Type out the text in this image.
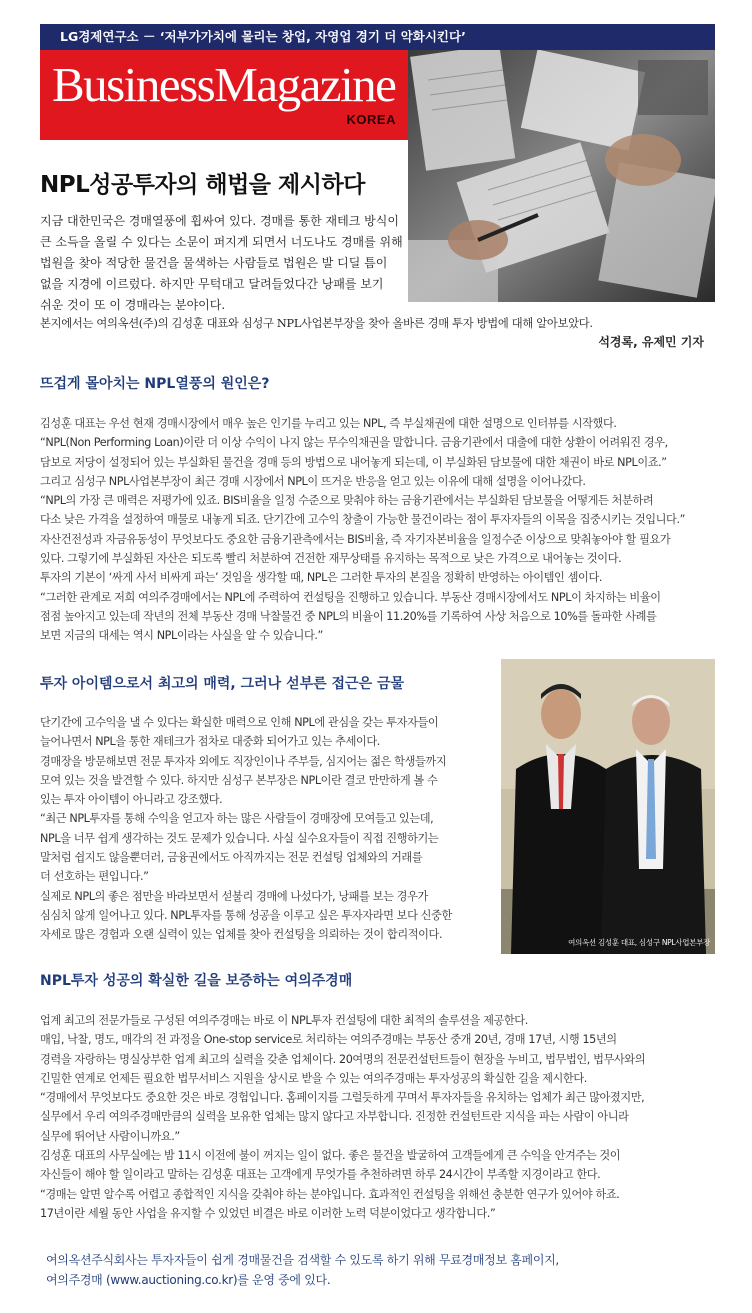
LG경제연구소 － ‘저부가가치에 몰리는 창업, 자영업 경기 더 악화시킨다’
BusinessMagazine
KOREA
NPL성공투자의 해법을 제시하다
지금 대한민국은 경매열풍에 휩싸여 있다. 경매를 통한 재테크 방식이
큰 소득을 올릴 수 있다는 소문이 퍼지게 되면서 너도나도 경매를 위해
법원을 찾아 적당한 물건을 물색하는 사람들로 법원은 발 디딜 틈이
없을 지경에 이르렀다. 하지만 무턱대고 달려들었다간 낭패를 보기
쉬운 것이 또 이 경매라는 분야이다.
본지에서는 여의옥션(주)의 김성훈 대표와 심성구 NPL사업본부장을 찾아 올바른 경매 투자 방법에 대해 알아보았다.
석경록, 유제민 기자
뜨겁게 몰아치는 NPL열풍의 원인은?

김성훈 대표는 우선 현재 경매시장에서 매우 높은 인기를 누리고 있는 NPL, 즉 부실채권에 대한 설명으로 인터뷰를 시작했다.

“NPL(Non Performing Loan)이란 더 이상 수익이 나지 않는 무수익채권을 말합니다. 금융기관에서 대출에 대한 상환이 어려워진 경우,

담보로 저당이 설정되어 있는 부실화된 물건을 경매 등의 방법으로 내어놓게 되는데, 이 부실화된 담보물에 대한 채권이 바로 NPL이죠.”

그리고 심성구 NPL사업본부장이 최근 경매 시장에서 NPL이 뜨거운 반응을 얻고 있는 이유에 대해 설명을 이어나갔다.

“NPL의 가장 큰 매력은 저평가에 있죠. BIS비율을 일정 수준으로 맞춰야 하는 금융기관에서는 부실화된 담보물을 어떻게든 처분하려

다소 낮은 가격을 설정하여 매물로 내놓게 되죠. 단기간에 고수익 창출이 가능한 물건이라는 점이 투자자들의 이목을 집중시키는 것입니다.”

자산건전성과 자금유동성이 무엇보다도 중요한 금융기관측에서는 BIS비율, 즉 자기자본비율을 일정수준 이상으로 맞춰놓아야 할 필요가

있다. 그렇기에 부실화된 자산은 되도록 빨리 처분하여 건전한 재무상태를 유지하는 목적으로 낮은 가격으로 내어놓는 것이다.

투자의 기본이 ‘싸게 사서 비싸게 파는’ 것임을 생각할 때, NPL은 그러한 투자의 본질을 정확히 반영하는 아이템인 셈이다.

“그러한 관계로 저희 여의주경매에서는 NPL에 주력하여 컨설팅을 진행하고 있습니다. 부동산 경매시장에서도 NPL이 차지하는 비율이

점점 높아지고 있는데 작년의 전체 부동산 경매 낙찰물건 중 NPL의 비율이 11.20%를 기록하여 사상 처음으로 10%를 돌파한 사례를

보면 지금의 대세는 역시 NPL이라는 사실을 알 수 있습니다.”

투자 아이템으로서 최고의 매력, 그러나 섣부른 접근은 금물

단기간에 고수익을 낼 수 있다는 확실한 매력으로 인해 NPL에 관심을 갖는 투자자들이

늘어나면서 NPL을 통한 재테크가 점차로 대중화 되어가고 있는 추세이다.

경매장을 방문해보면 전문 투자자 외에도 직장인이나 주부들, 심지어는 젊은 학생들까지

모여 있는 것을 발견할 수 있다. 하지만 심성구 본부장은 NPL이란 결코 만만하게 볼 수

있는 투자 아이템이 아니라고 강조했다.

“최근 NPL투자를 통해 수익을 얻고자 하는 많은 사람들이 경매장에 모여들고 있는데,

NPL을 너무 쉽게 생각하는 것도 문제가 있습니다. 사실 실수요자들이 직접 진행하기는

말처럼 쉽지도 않을뿐더러, 금융권에서도 아직까지는 전문 컨설팅 업체와의 거래를

더 선호하는 편입니다.”

실제로 NPL의 좋은 점만을 바라보면서 섣불리 경매에 나섰다가, 낭패를 보는 경우가

심심치 않게 일어나고 있다. NPL투자를 통해 성공을 이루고 싶은 투자자라면 보다 신중한

자세로 많은 경험과 오랜 실력이 있는 업체를 찾아 컨설팅을 의뢰하는 것이 합리적이다.

여의옥션 김성훈 대표, 심성구 NPL사업본부장
NPL투자 성공의 확실한 길을 보증하는 여의주경매

업계 최고의 전문가들로 구성된 여의주경매는 바로 이 NPL투자 컨설팅에 대한 최적의 솔루션을 제공한다.

매입, 낙찰, 명도, 매각의 전 과정을 One-stop service로 처리하는 여의주경매는 부동산 중개 20년, 경매 17년, 시행 15년의

경력을 자랑하는 명실상부한 업계 최고의 실력을 갖춘 업체이다. 20여명의 전문컨설턴트들이 현장을 누비고, 법무법인, 법무사와의

긴밀한 연계로 언제든 필요한 법무서비스 지원을 상시로 받을 수 있는 여의주경매는 투자성공의 확실한 길을 제시한다.

“경매에서 무엇보다도 중요한 것은 바로 경험입니다. 홈페이지를 그럴듯하게 꾸며서 투자자들을 유치하는 업체가 최근 많아졌지만,

실무에서 우리 여의주경매만큼의 실력을 보유한 업체는 많지 않다고 자부합니다. 진정한 컨설턴트란 지식을 파는 사람이 아니라

실무에 뛰어난 사람이니까요.”

김성훈 대표의 사무실에는 밤 11시 이전에 불이 꺼지는 일이 없다. 좋은 물건을 발굴하여 고객들에게 큰 수익을 안겨주는 것이

자신들이 해야 할 일이라고 말하는 김성훈 대표는 고객에게 무엇가를 추천하려면 하루 24시간이 부족할 지경이라고 한다.

“경매는 알면 알수록 어렵고 종합적인 지식을 갖춰야 하는 분야입니다. 효과적인 컨설팅을 위해선 충분한 연구가 있어야 하죠.

17년이란 세월 동안 사업을 유지할 수 있었던 비결은 바로 이러한 노력 덕분이었다고 생각합니다.”

여의옥션주식회사는 투자자들이 쉽게 경매물건을 검색할 수 있도록 하기 위해 무료경매정보 홈페이지,

여의주경매 (www.auctioning.co.kr)를 운영 중에 있다.
